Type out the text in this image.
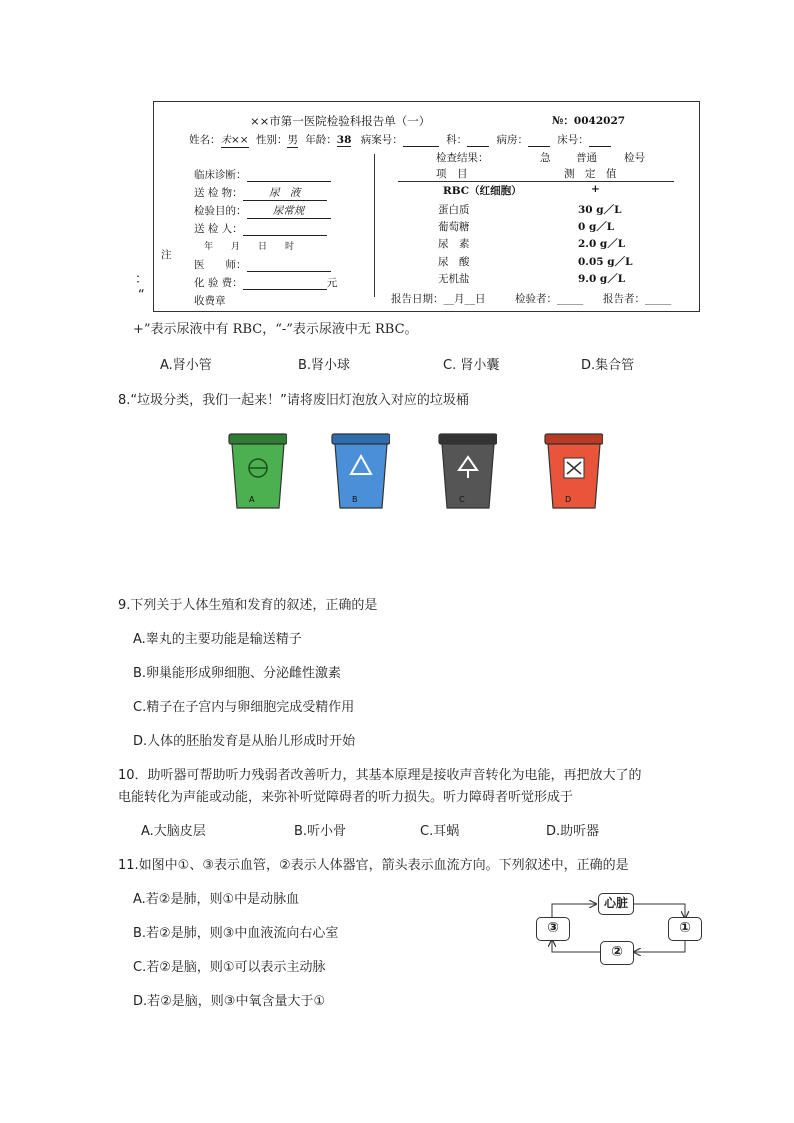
××市第一医院检验科报告单（一）	№：0042027
姓名：未×× 性别：男 年龄：38 病案号：	科：	病房：	床号：
临床诊断：
送 检 物：	尿　液
检验目的：	尿常规
送 检 人：
年　　月　　日　　时
医　　师：
化 验 费：	元
收费章
注
检查结果：	急 普通	检号
项　目	测　定　值
RBC（红细胞）	+
蛋白质	30 g／L
葡萄糖	0 g／L
尿　素	2.0 g／L
尿　酸	0.05 g／L
无机盐	9.0 g／L
报告日期：__月__日	检验者：_____ 报告者：_____
：
“
+”表示尿液中有 RBC，“-”表示尿液中无 RBC。
A.肾小管	B.肾小球	C. 肾小囊	D.集合管
8.“垃圾分类，我们一起来！”请将废旧灯泡放入对应的垃圾桶
A	B	C	D
9.下列关于人体生殖和发育的叙述，正确的是
A.睾丸的主要功能是输送精子
B.卵巢能形成卵细胞、分泌雌性激素
C.精子在子宫内与卵细胞完成受精作用
D.人体的胚胎发育是从胎儿形成时开始
10．助听器可帮助听力残弱者改善听力，其基本原理是接收声音转化为电能，再把放大了的
电能转化为声能或动能，来弥补听觉障碍者的听力损失。听力障碍者听觉形成于
A.大脑皮层	B.听小骨	C.耳蜗	D.助听器
11.如图中①、③表示血管，②表示人体器官，箭头表示血流方向。下列叙述中，正确的是
A.若②是肺，则①中是动脉血
B.若②是肺，则③中血液流向右心室
C.若②是脑，则①可以表示主动脉
D.若②是脑，则③中氧含量大于①
心脏
①
②
③
